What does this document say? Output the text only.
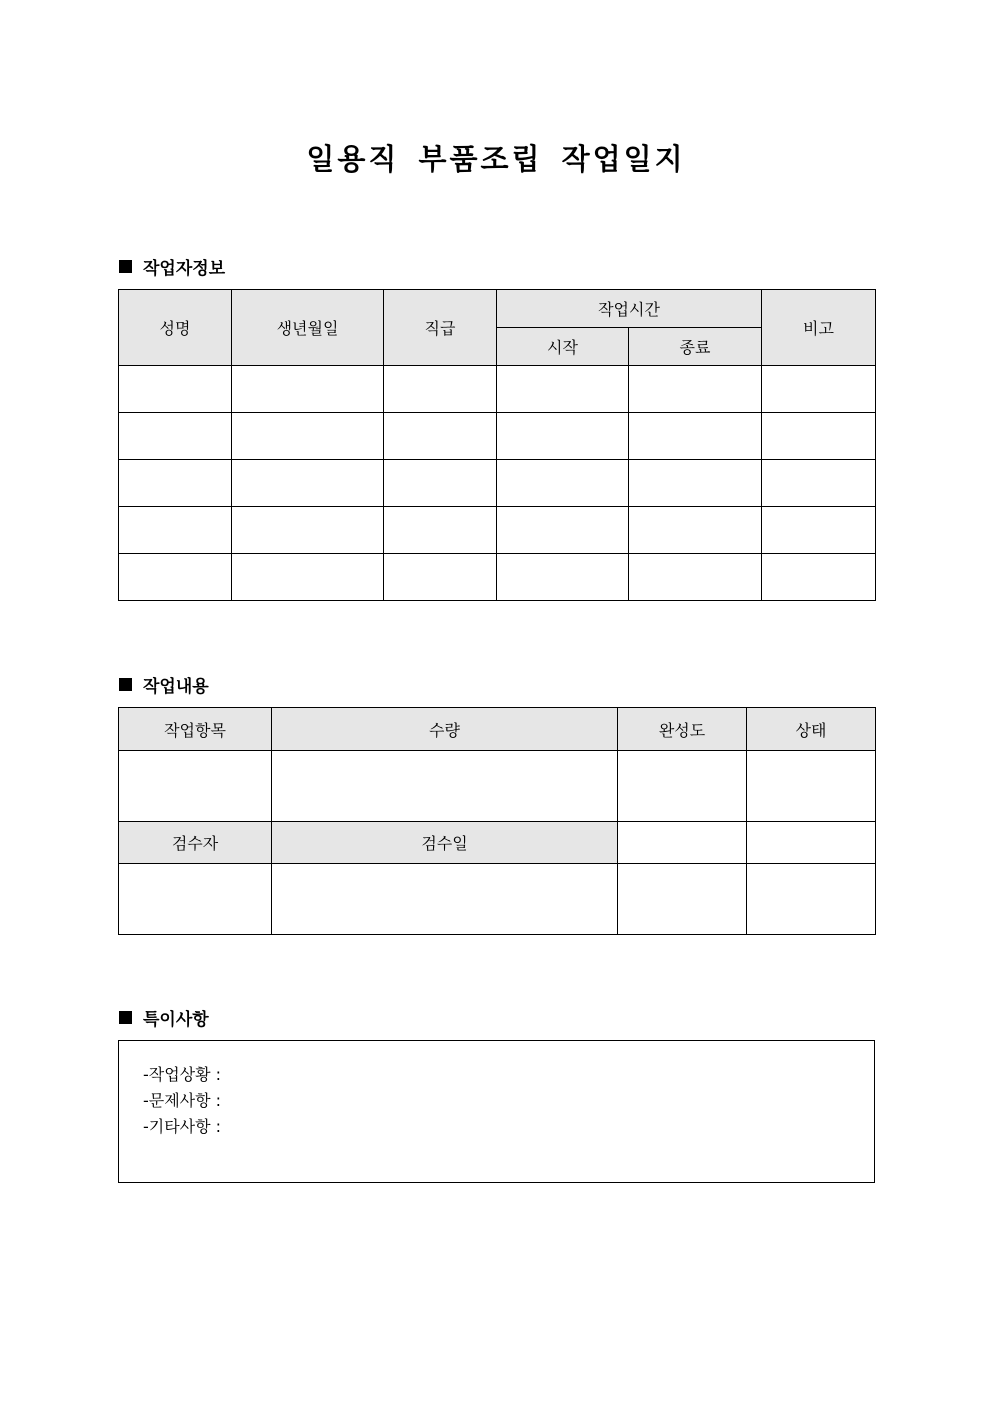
일용직 부품조립 작업일지
작업자정보
성명	생년월일	직급	작업시간		비고
			시작	종료	

작업내용
작업항목	수량	완성도	상태

검수자	검수일		

특이사항
-작업상황 :
-문제사항 :
-기타사항 :
